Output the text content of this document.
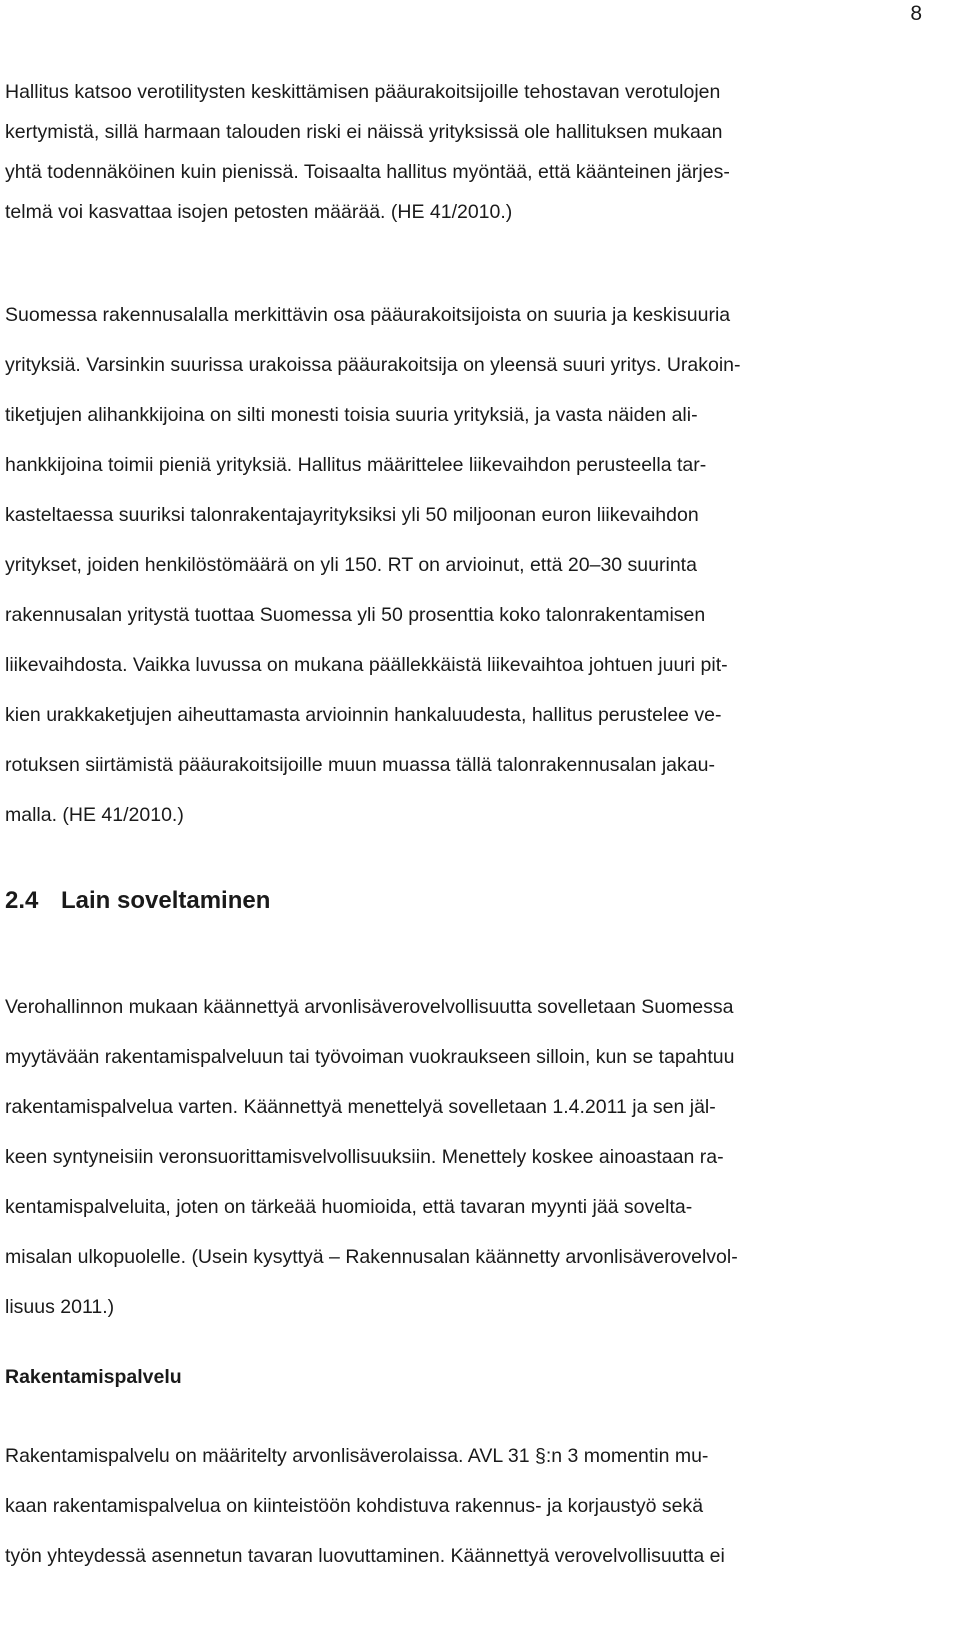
8

Hallitus katsoo verotilitysten keskittämisen pääurakoitsijoille tehostavan verotulojen
kertymistä, sillä harmaan talouden riski ei näissä yrityksissä ole hallituksen mukaan
yhtä todennäköinen kuin pienissä. Toisaalta hallitus myöntää, että käänteinen järjes-
telmä voi kasvattaa isojen petosten määrää. (HE 41/2010.)

Suomessa rakennusalalla merkittävin osa pääurakoitsijoista on suuria ja keskisuuria
yrityksiä. Varsinkin suurissa urakoissa pääurakoitsija on yleensä suuri yritys. Urakoin-
tiketjujen alihankkijoina on silti monesti toisia suuria yrityksiä, ja vasta näiden ali-
hankkijoina toimii pieniä yrityksiä. Hallitus määrittelee liikevaihdon perusteella tar-
kasteltaessa suuriksi talonrakentajayrityksiksi yli 50 miljoonan euron liikevaihdon
yritykset, joiden henkilöstömäärä on yli 150. RT on arvioinut, että 20–30 suurinta
rakennusalan yritystä tuottaa Suomessa yli 50 prosenttia koko talonrakentamisen
liikevaihdosta. Vaikka luvussa on mukana päällekkäistä liikevaihtoa johtuen juuri pit-
kien urakkaketjujen aiheuttamasta arvioinnin hankaluudesta, hallitus perustelee ve-
rotuksen siirtämistä pääurakoitsijoille muun muassa tällä talonrakennusalan jakau-
malla. (HE 41/2010.)

2.4 Lain soveltaminen

Verohallinnon mukaan käännettyä arvonlisäverovelvollisuutta sovelletaan Suomessa
myytävään rakentamispalveluun tai työvoiman vuokraukseen silloin, kun se tapahtuu
rakentamispalvelua varten. Käännettyä menettelyä sovelletaan 1.4.2011 ja sen jäl-
keen syntyneisiin veronsuorittamisvelvollisuuksiin. Menettely koskee ainoastaan ra-
kentamispalveluita, joten on tärkeää huomioida, että tavaran myynti jää sovelta-
misalan ulkopuolelle. (Usein kysyttyä – Rakennusalan käännetty arvonlisäverovelvol-
lisuus 2011.)

Rakentamispalvelu

Rakentamispalvelu on määritelty arvonlisäverolaissa. AVL 31 §:n 3 momentin mu-
kaan rakentamispalvelua on kiinteistöön kohdistuva rakennus- ja korjaustyö sekä
työn yhteydessä asennetun tavaran luovuttaminen. Käännettyä verovelvollisuutta ei
